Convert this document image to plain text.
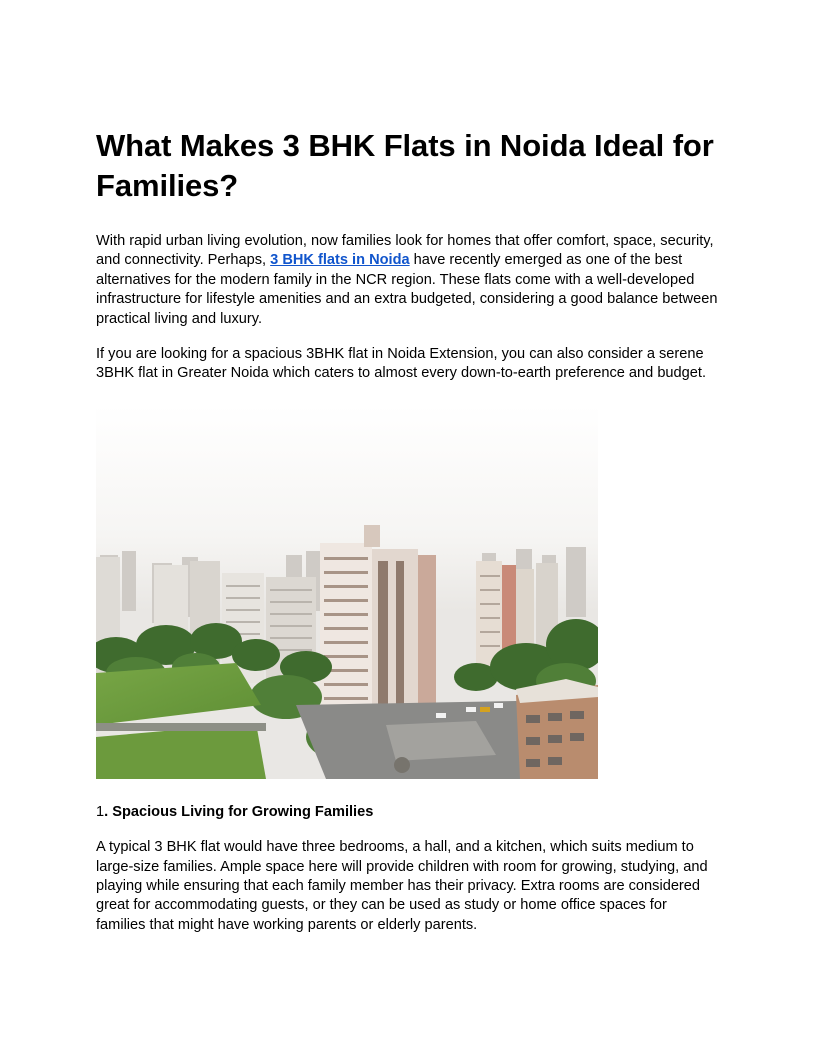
What Makes 3 BHK Flats in Noida Ideal for Families?

With rapid urban living evolution, now families look for homes that offer comfort, space, security, and connectivity. Perhaps, 3 BHK flats in Noida have recently emerged as one of the best alternatives for the modern family in the NCR region. These flats come with a well-developed infrastructure for lifestyle amenities and an extra budgeted, considering a good balance between practical living and luxury.

If you are looking for a spacious 3BHK flat in Noida Extension, you can also consider a serene 3BHK flat in Greater Noida which caters to almost every down-to-earth preference and budget.

1. Spacious Living for Growing Families

A typical 3 BHK flat would have three bedrooms, a hall, and a kitchen, which suits medium to large-size families. Ample space here will provide children with room for growing, studying, and playing while ensuring that each family member has their privacy. Extra rooms are considered great for accommodating guests, or they can be used as study or home office spaces for families that might have working parents or elderly parents.
